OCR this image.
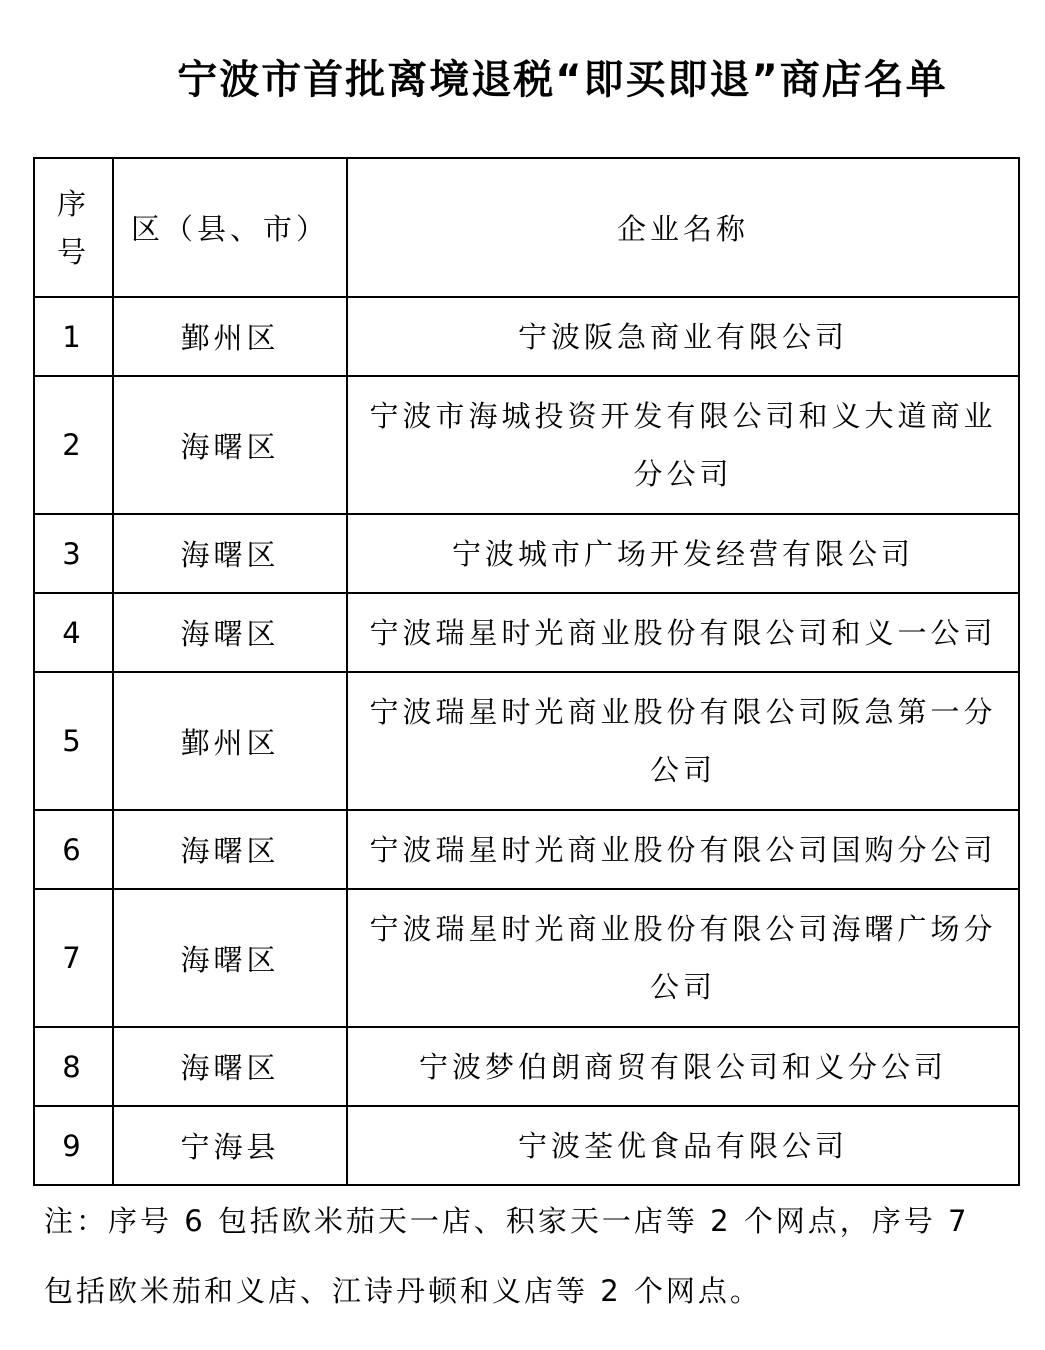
宁波市首批离境退税“即买即退”商店名单
序
号	区（县、市）	企业名称
1	鄞州区	宁波阪急商业有限公司
2	海曙区	宁波市海城投资开发有限公司和义大道商业分公司
3	海曙区	宁波城市广场开发经营有限公司
4	海曙区	宁波瑞星时光商业股份有限公司和义一公司
5	鄞州区	宁波瑞星时光商业股份有限公司阪急第一分公司
6	海曙区	宁波瑞星时光商业股份有限公司国购分公司
7	海曙区	宁波瑞星时光商业股份有限公司海曙广场分公司
8	海曙区	宁波梦伯朗商贸有限公司和义分公司
9	宁海县	宁波荃优食品有限公司
注：序号 6 包括欧米茄天一店、积家天一店等 2 个网点，序号 7 包括欧米茄和义店、江诗丹顿和义店等 2 个网点。
